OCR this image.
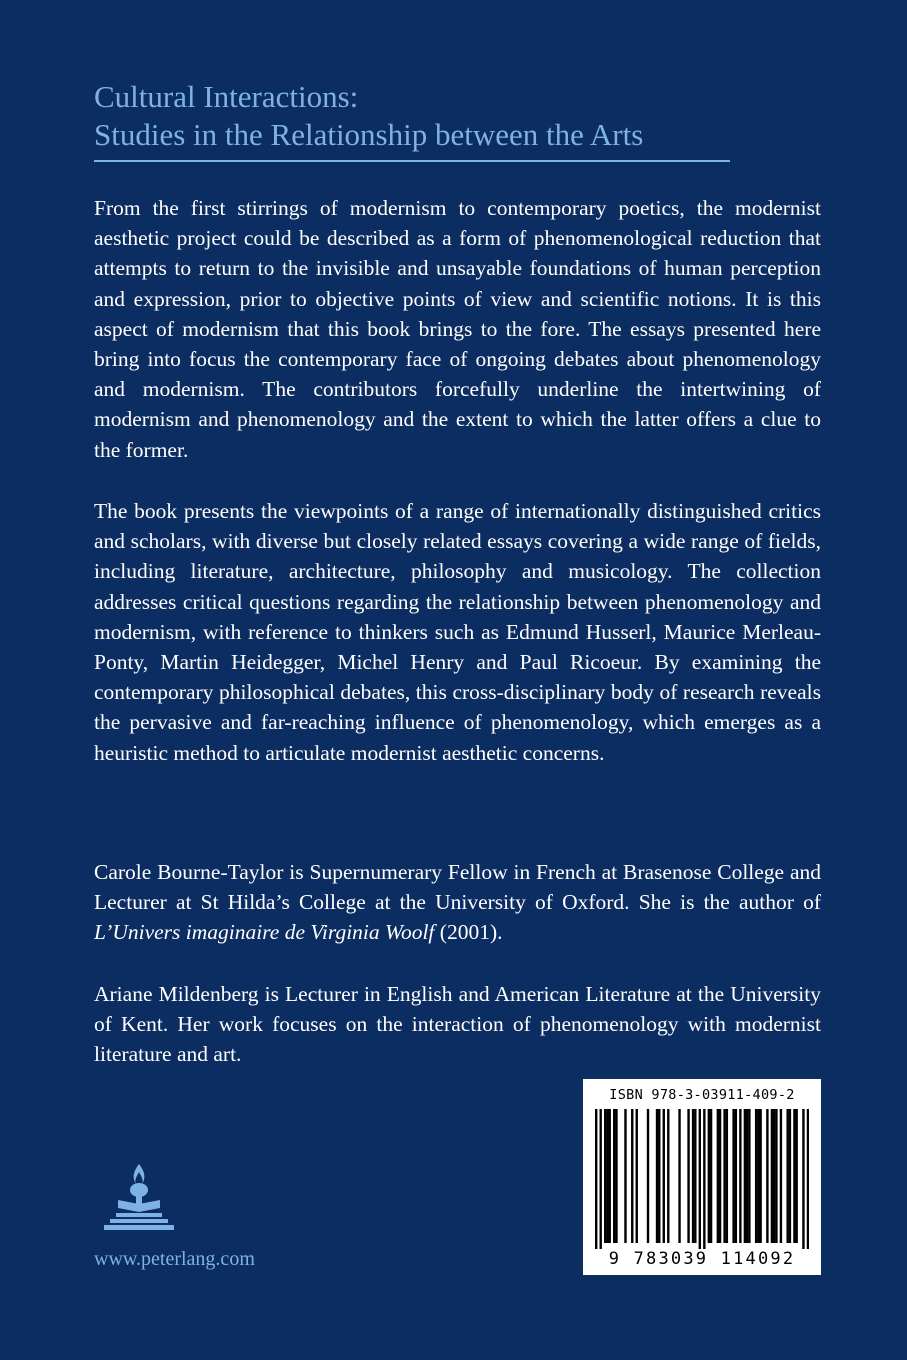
Cultural Interactions:
Studies in the Relationship between the Arts

From the first stirrings of modernism to contemporary poetics, the modernist aesthetic project could be described as a form of phenomenological reduction that attempts to return to the invisible and unsayable foundations of human perception and expression, prior to objective points of view and scientific notions. It is this aspect of modernism that this book brings to the fore. The essays presented here bring into focus the contemporary face of ongoing debates about phenomenology and modernism. The contributors forcefully underline the intertwining of modernism and phenomenology and the extent to which the latter offers a clue to the former.

The book presents the viewpoints of a range of internationally distinguished critics and scholars, with diverse but closely related essays covering a wide range of fields, including literature, architecture, philosophy and musicology. The collection addresses critical questions regarding the relationship between phenomenology and modernism, with reference to thinkers such as Edmund Husserl, Maurice Merleau-Ponty, Martin Heidegger, Michel Henry and Paul Ricoeur. By examining the contemporary philosophical debates, this cross-disciplinary body of research reveals the pervasive and far-reaching influence of phenomenology, which emerges as a heuristic method to articulate modernist aesthetic concerns.

Carole Bourne-Taylor is Supernumerary Fellow in French at Brasenose College and Lecturer at St Hilda’s College at the University of Oxford. She is the author of L’Univers imaginaire de Virginia Woolf (2001).

Ariane Mildenberg is Lecturer in English and American Literature at the University of Kent. Her work focuses on the interaction of phenomenology with modernist literature and art.

www.peterlang.com
ISBN 978-3-03911-409-2
9 783039 114092
